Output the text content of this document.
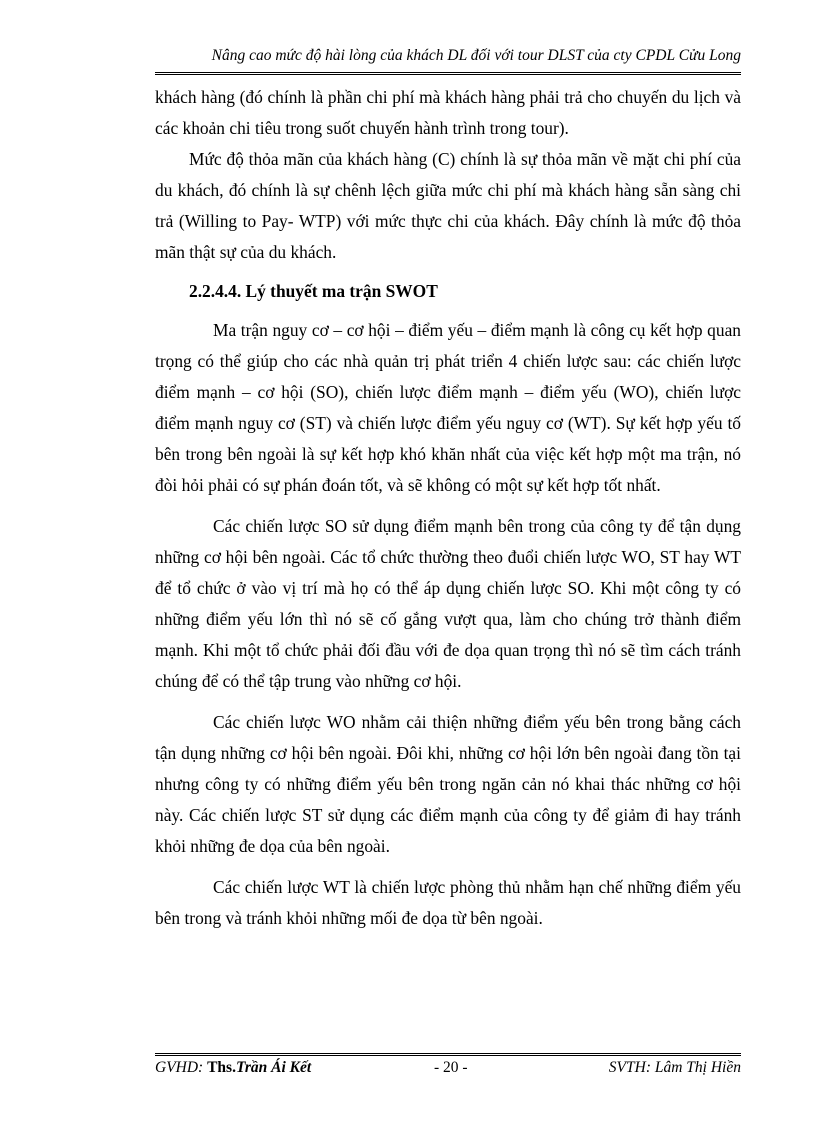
Nâng cao mức độ hài lòng của khách DL đối với tour DLST của cty CPDL Cửu Long

khách hàng (đó chính là phần chi phí mà khách hàng phải trả cho chuyến du lịch và các khoản chi tiêu trong suốt chuyến hành trình trong tour).

Mức độ thỏa mãn của khách hàng (C) chính là sự thỏa mãn về mặt chi phí của du khách, đó chính là sự chênh lệch giữa mức chi phí mà khách hàng sẵn sàng chi trả (Willing to Pay- WTP) với mức thực chi của khách. Đây chính là mức độ thỏa mãn thật sự của du khách.

2.2.4.4. Lý thuyết ma trận SWOT

Ma trận nguy cơ – cơ hội – điểm yếu – điểm mạnh là công cụ kết hợp quan trọng có thể giúp cho các nhà quản trị phát triển 4 chiến lược sau: các chiến lược điểm mạnh – cơ hội (SO), chiến lược điểm mạnh – điểm yếu (WO), chiến lược điểm mạnh nguy cơ (ST) và chiến lược điểm yếu nguy cơ (WT). Sự kết hợp yếu tố bên trong bên ngoài là sự kết hợp khó khăn nhất của việc kết hợp một ma trận, nó đòi hỏi phải có sự phán đoán tốt, và sẽ không có một sự kết hợp tốt nhất.

Các chiến lược SO sử dụng điểm mạnh bên trong của công ty để tận dụng những cơ hội bên ngoài. Các tổ chức thường theo đuổi chiến lược WO, ST hay WT để tổ chức ở vào vị trí mà họ có thể áp dụng chiến lược SO. Khi một công ty có những điểm yếu lớn thì nó sẽ cố gắng vượt qua, làm cho chúng trở thành điểm mạnh. Khi một tổ chức phải đối đầu với đe dọa quan trọng thì nó sẽ tìm cách tránh chúng để có thể tập trung vào những cơ hội.

Các chiến lược WO nhằm cải thiện những điểm yếu bên trong bằng cách tận dụng những cơ hội bên ngoài. Đôi khi, những cơ hội lớn bên ngoài đang tồn tại nhưng công ty có những điểm yếu bên trong ngăn cản nó khai thác những cơ hội này. Các chiến lược ST sử dụng các điểm mạnh của công ty để giảm đi hay tránh khỏi những đe dọa của bên ngoài.

Các chiến lược WT là chiến lược phòng thủ nhằm hạn chế những điểm yếu bên trong và tránh khỏi những mối đe dọa từ bên ngoài.

GVHD: Ths.Trần Ái Kết	- 20 -	SVTH: Lâm Thị Hiền
